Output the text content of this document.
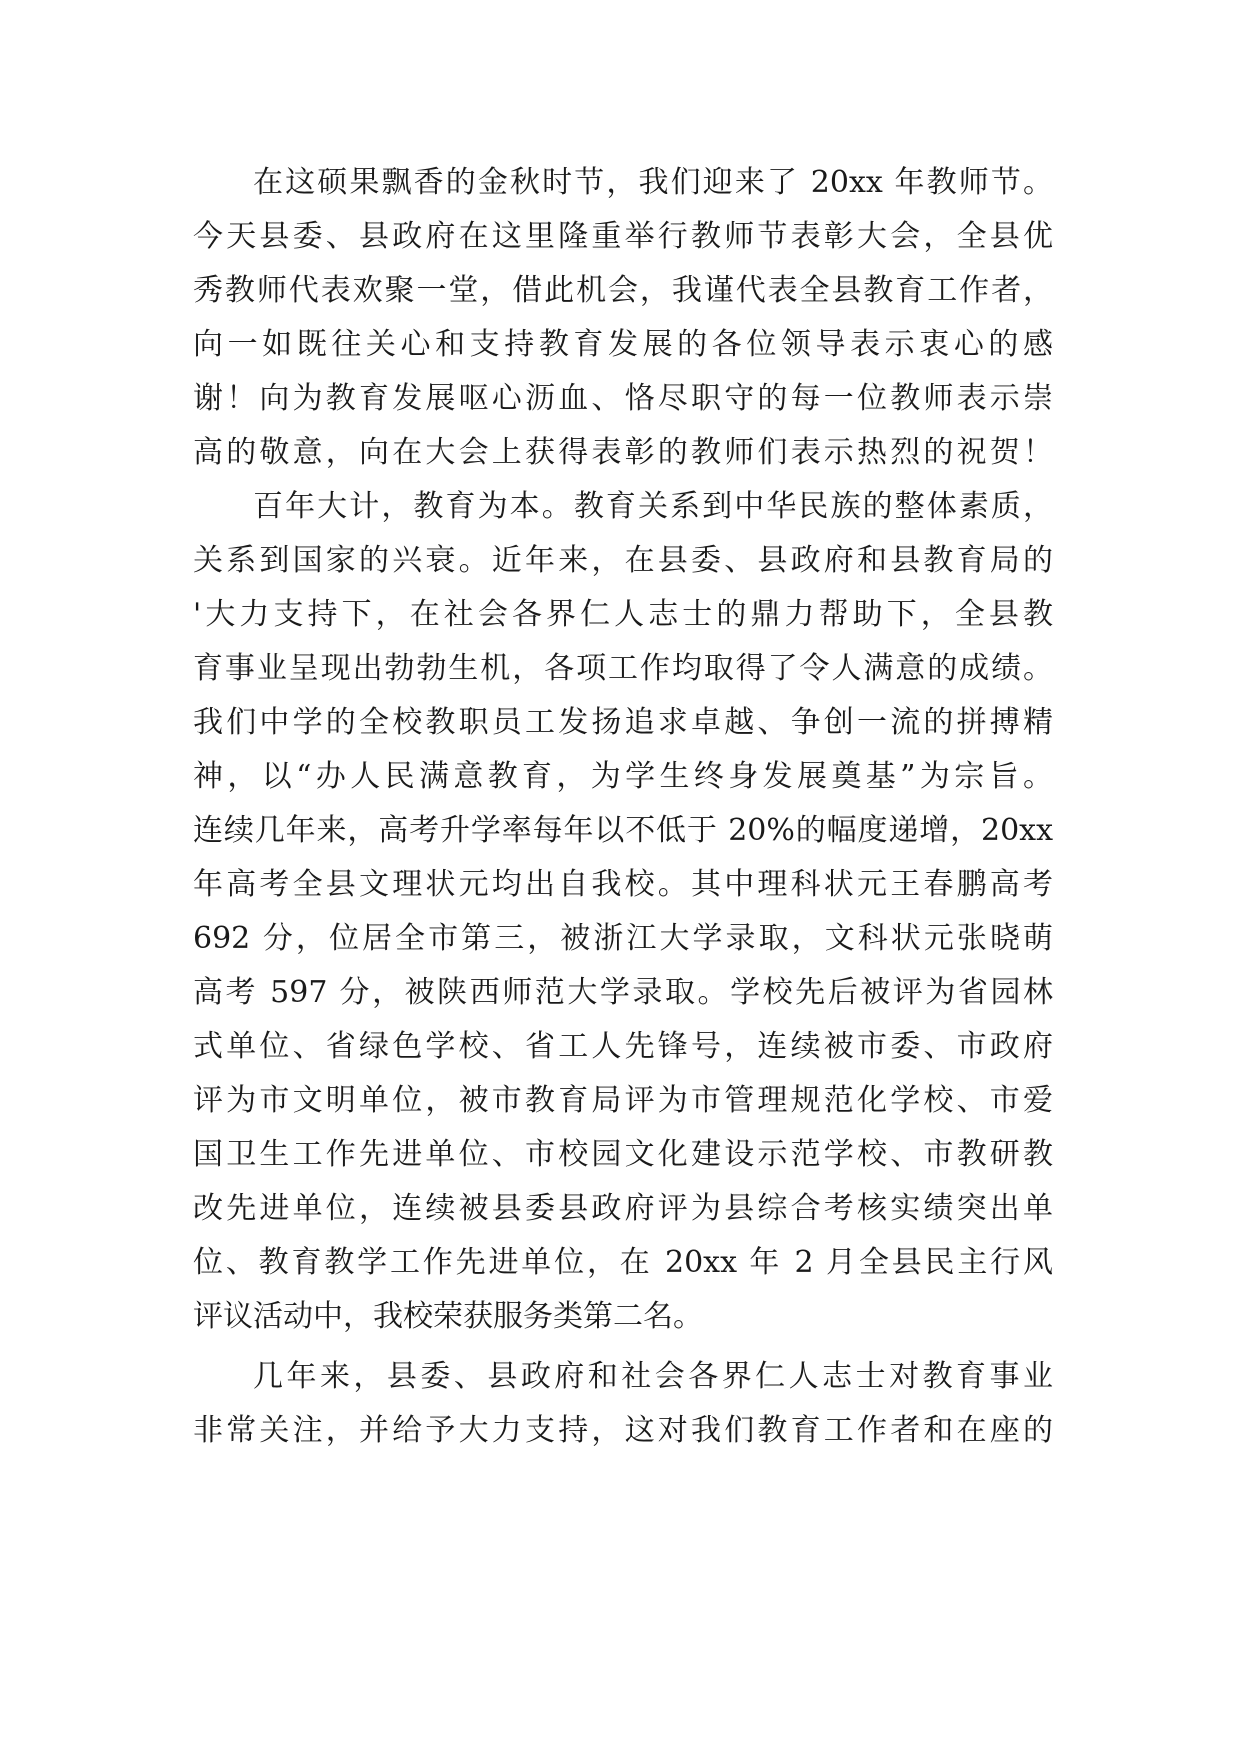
在这硕果飘香的金秋时节，我们迎来了 20xx 年教师节。
今天县委、县政府在这里隆重举行教师节表彰大会，全县优
秀教师代表欢聚一堂，借此机会，我谨代表全县教育工作者，
向一如既往关心和支持教育发展的各位领导表示衷心的感
谢！向为教育发展呕心沥血、恪尽职守的每一位教师表示崇
高的敬意，向在大会上获得表彰的教师们表示热烈的祝贺！
百年大计，教育为本。教育关系到中华民族的整体素质，
关系到国家的兴衰。近年来，在县委、县政府和县教育局的
'大力支持下，在社会各界仁人志士的鼎力帮助下，全县教
育事业呈现出勃勃生机，各项工作均取得了令人满意的成绩。
我们中学的全校教职员工发扬追求卓越、争创一流的拼搏精
神，以“办人民满意教育，为学生终身发展奠基”为宗旨。
连续几年来，高考升学率每年以不低于 20%的幅度递增，20xx
年高考全县文理状元均出自我校。其中理科状元王春鹏高考
692 分，位居全市第三，被浙江大学录取，文科状元张晓萌
高考 597 分，被陕西师范大学录取。学校先后被评为省园林
式单位、省绿色学校、省工人先锋号，连续被市委、市政府
评为市文明单位，被市教育局评为市管理规范化学校、市爱
国卫生工作先进单位、市校园文化建设示范学校、市教研教
改先进单位，连续被县委县政府评为县综合考核实绩突出单
位、教育教学工作先进单位，在 20xx 年 2 月全县民主行风
评议活动中，我校荣获服务类第二名。
几年来，县委、县政府和社会各界仁人志士对教育事业
非常关注，并给予大力支持，这对我们教育工作者和在座的
